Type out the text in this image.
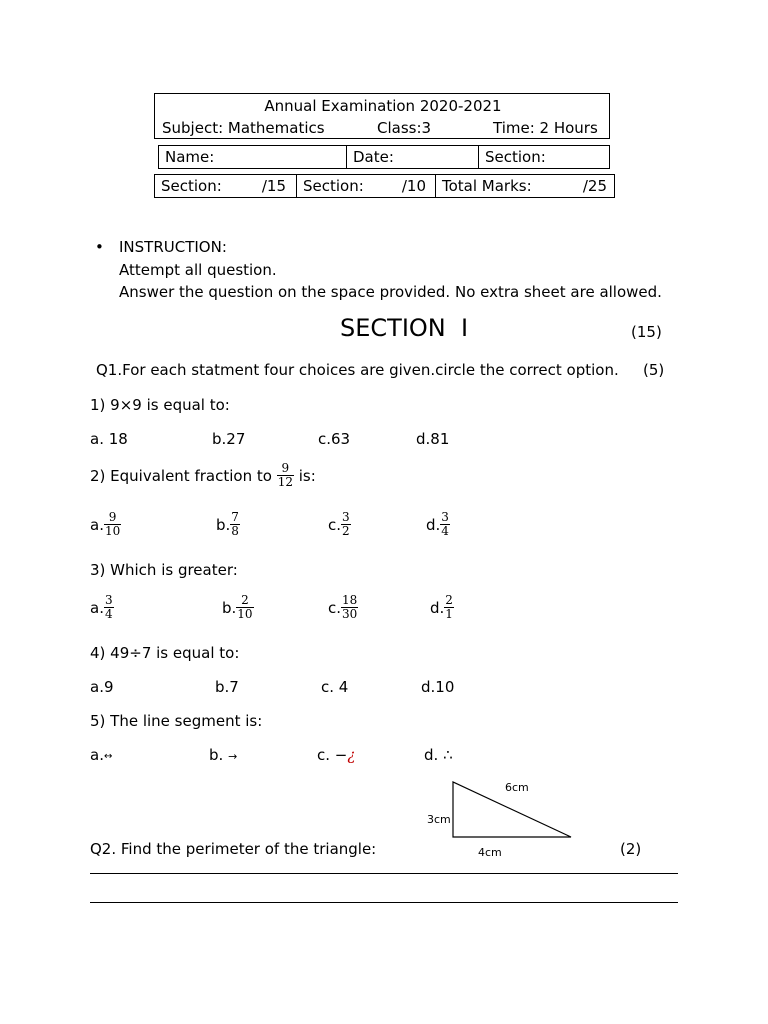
Annual Examination 2020-2021
Subject: Mathematics	Class:3	Time: 2 Hours
Name:	Date:	Section:
Section:	/15	Section:	/10	Total Marks:	/25
• INSTRUCTION:
Attempt all question.
Answer the question on the space provided. No extra sheet are allowed.
SECTION  I	(15)
Q1.For each statment four choices are given.circle the correct option. (5)
1) 9×9 is equal to:
a. 18	b.27	c.63	d.81
2) Equivalent fraction to
$\frac{9}{12}$
is:
a. $\frac{9}{10}$	b. $\frac{7}{8}$	c. $\frac{3}{2}$	d. $\frac{3}{4}$
3) Which is greater:
a. $\frac{3}{4}$	b. $\frac{2}{10}$	c. $\frac{18}{30}$	d. $\frac{2}{1}$
4) 49÷7 is equal to:
a.9	b.7	c. 4	d.10
5) The line segment is:
a. ↔	b. →	c. − ¿	d. ∴
6cm
3cm
4cm
Q2. Find the perimeter of the triangle:	(2)
